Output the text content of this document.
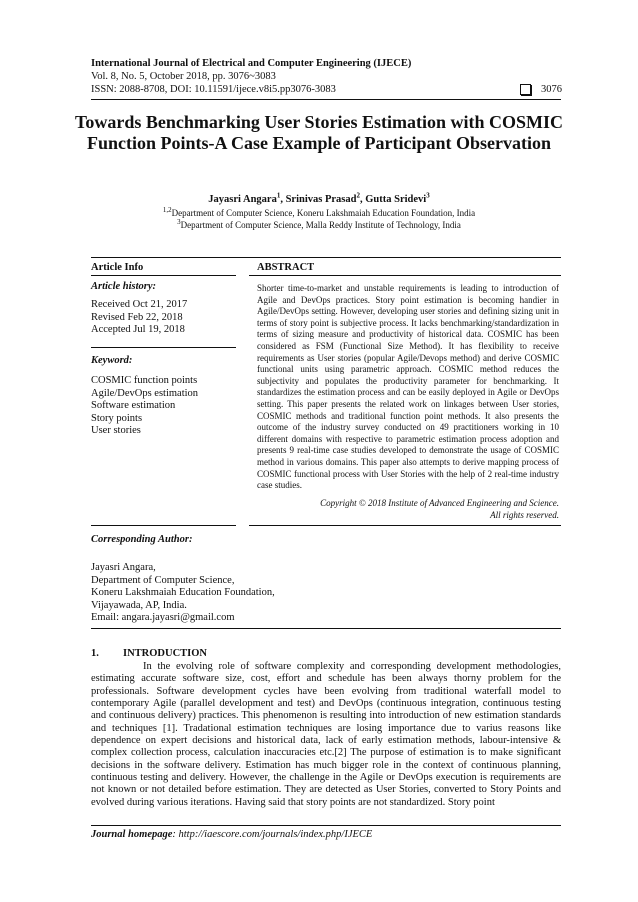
International Journal of Electrical and Computer Engineering (IJECE)
Vol. 8, No. 5, October 2018, pp. 3076~3083
ISSN: 2088-8708, DOI: 10.11591/ijece.v8i5.pp3076-3083	3076
Towards Benchmarking User Stories Estimation with COSMIC Function Points-A Case Example of Participant Observation
Jayasri Angara$^1$, Srinivas Prasad$^2$, Gutta Sridevi$^3$
$^{1,2}$Department of Computer Science, Koneru Lakshmaiah Education Foundation, India
$^3$Department of Computer Science, Malla Reddy Institute of Technology, India
Article Info
Article history:
Received Oct 21, 2017
Revised Feb 22, 2018
Accepted Jul 19, 2018
Keyword:
COSMIC function points
Agile/DevOps estimation
Software estimation
Story points
User stories
ABSTRACT
Shorter time-to-market and unstable requirements is leading to introduction of Agile and DevOps practices. Story point estimation is becoming handier in Agile/DevOps setting. However, developing user stories and defining sizing unit in terms of story point is subjective process. It lacks benchmarking/standardization in terms of sizing measure and productivity of historical data. COSMIC has been considered as FSM (Functional Size Method). It has flexibility to receive requirements as User stories (popular Agile/Devops method) and derive COSMIC functional units using parametric approach. COSMIC method reduces the subjectivity and populates the productivity parameter for benchmarking. It standardizes the estimation process and can be easily deployed in Agile or DevOps setting. This paper presents the related work on linkages between User stories, COSMIC methods and traditional function point methods. It also presents the outcome of the industry survey conducted on 49 practitioners working in 10 different domains with respective to parametric estimation process adoption and presents 9 real-time case studies developed to demonstrate the usage of COSMIC method in various domains. This paper also attempts to derive mapping process of COSMIC functional process with User Stories with the help of 2 real-time industry case studies.
Copyright © 2018 Institute of Advanced Engineering and Science.
All rights reserved.
Corresponding Author:
Jayasri Angara,
Department of Computer Science,
Koneru Lakshmaiah Education Foundation,
Vijayawada, AP, India.
Email: angara.jayasri@gmail.com
1. INTRODUCTION
In the evolving role of software complexity and corresponding development methodologies, estimating accurate software size, cost, effort and schedule has been always thorny problem for the professionals. Software development cycles have been evolving from traditional waterfall model to contemporary Agile (parallel development and test) and DevOps (continuous integration, continuous testing and continuous delivery) practices. This phenomenon is resulting into introduction of new estimation standards and techniques [1]. Tradational estimation techniques are losing importance due to varius reasons like dependence on expert decisions and historical data, lack of early estimation methods, labour-intensive & complex collection process, calculation inaccuracies etc.[2] The purpose of estimation is to make significant decisions in the software delivery. Estimation has much bigger role in the context of continuous planning, continuous testing and delivery. However, the challenge in the Agile or DevOps execution is requirements are not known or not detailed before estimation. They are detected as User Stories, converted to Story Points and evolved during various iterations. Having said that story points are not standardized. Story point
Journal homepage: http://iaescore.com/journals/index.php/IJECE
